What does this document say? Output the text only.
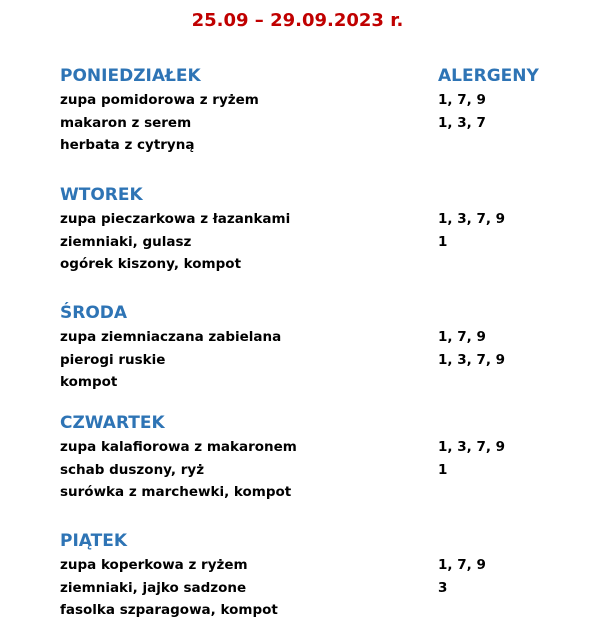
25.09 – 29.09.2023 r.
PONIEDZIAŁEK	ALERGENY
zupa pomidorowa z ryżem	1, 7, 9
makaron z serem	1, 3, 7
herbata z cytryną
WTOREK
zupa pieczarkowa z łazankami	1, 3, 7, 9
ziemniaki, gulasz	1
ogórek kiszony, kompot
ŚRODA
zupa ziemniaczana zabielana	1, 7, 9
pierogi ruskie	1, 3, 7, 9
kompot
CZWARTEK
zupa kalafiorowa z makaronem	1, 3, 7, 9
schab duszony, ryż	1
surówka z marchewki, kompot
PIĄTEK
zupa koperkowa z ryżem	1, 7, 9
ziemniaki, jajko sadzone	3
fasolka szparagowa, kompot
